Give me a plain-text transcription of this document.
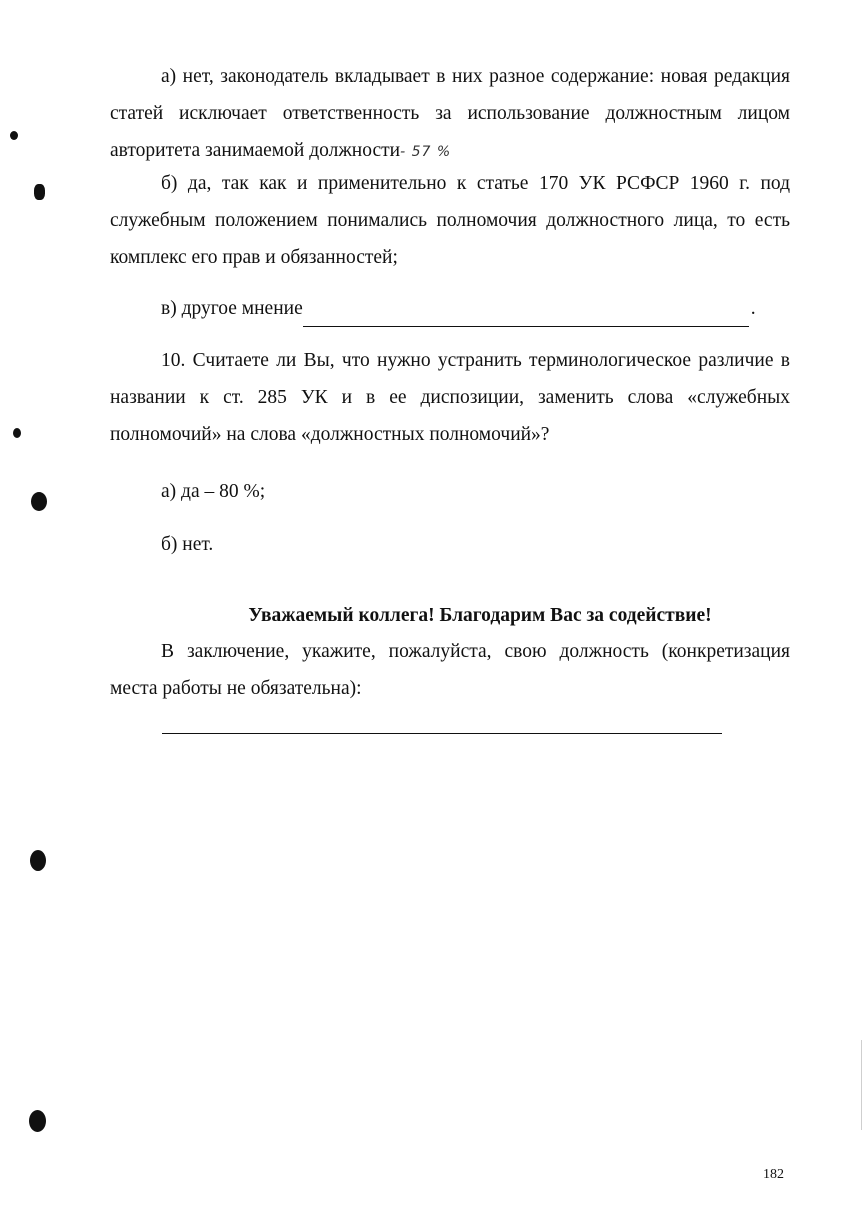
а) нет, законодатель вкладывает в них разное содержание: новая редакция статей исключает ответственность за использование должностным лицом авторитета занимаемой должности- 57 %

б) да, так как и применительно к статье 170 УК РСФСР 1960 г. под служебным положением понимались полномочия должностного лица, то есть комплекс его прав и обязанностей;

в) другое мнение	.

10. Считаете ли Вы, что нужно устранить терминологическое различие в названии к ст. 285 УК и в ее диспозиции, заменить слова «служебных полномочий» на слова «должностных полномочий»?

а) да – 80 %;

б) нет.

Уважаемый коллега! Благодарим Вас за содействие!

В заключение, укажите, пожалуйста, свою должность (конкретизация места работы не обязательна):

182
